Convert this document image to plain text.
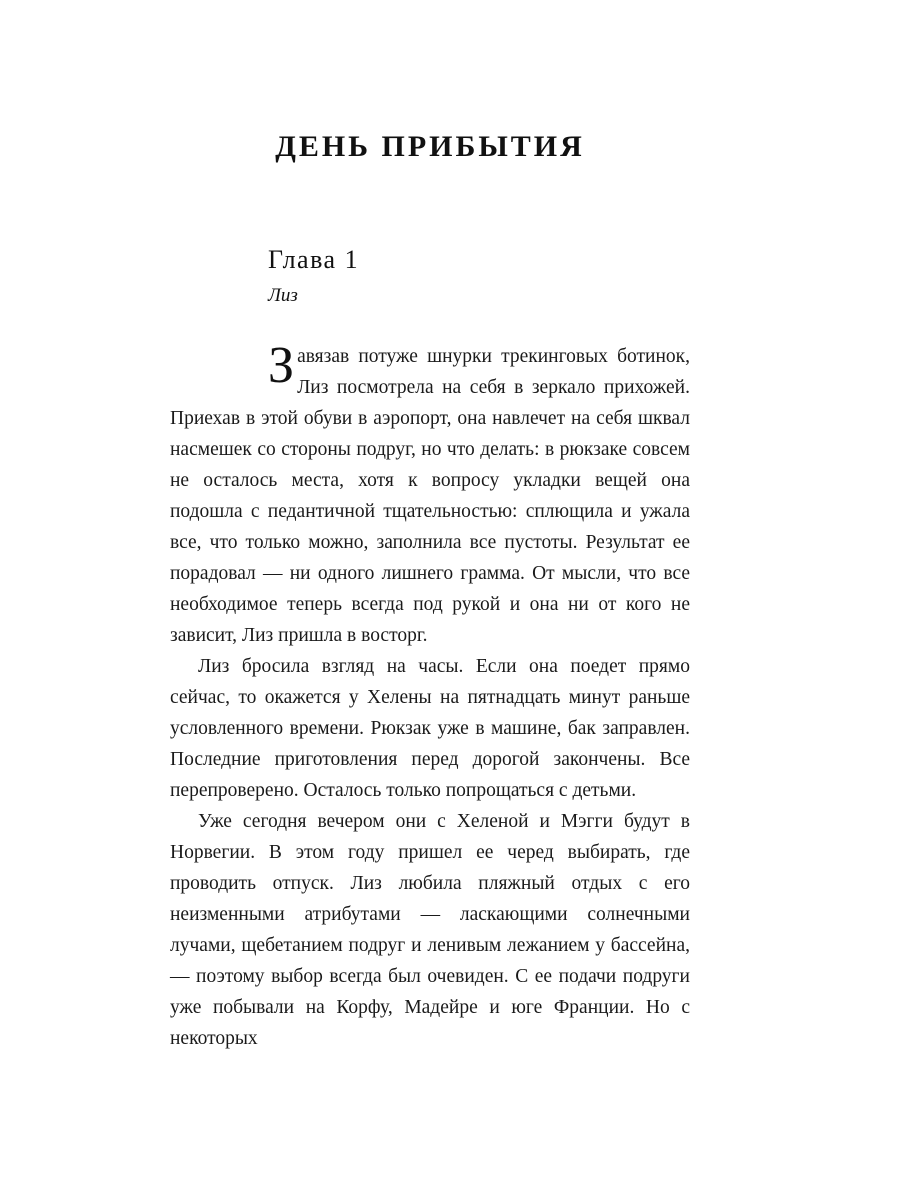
ДЕНЬ ПРИБЫТИЯ
Глава 1
Лиз
З авязав потуже шнурки трекинговых ботинок, Лиз посмотрела на себя в зеркало прихожей. Приехав в этой обуви в аэропорт, она навлечет на себя шквал насмешек со стороны подруг, но что делать: в рюкзаке совсем не осталось места, хотя к вопросу укладки вещей она подошла с педантичной тщательностью: сплющила и ужала все, что только можно, заполнила все пустоты. Результат ее порадовал — ни одного лишнего грамма. От мысли, что все необходимое теперь всегда под рукой и она ни от кого не зависит, Лиз пришла в восторг.

Лиз бросила взгляд на часы. Если она поедет прямо сейчас, то окажется у Хелены на пятнадцать минут раньше условленного времени. Рюкзак уже в машине, бак заправлен. Последние приготовления перед дорогой закончены. Все перепроверено. Осталось только попрощаться с детьми.

Уже сегодня вечером они с Хеленой и Мэгги будут в Норвегии. В этом году пришел ее черед выбирать, где проводить отпуск. Лиз любила пляжный отдых с его неизменными атрибутами — ласкающими солнечными лучами, щебетанием подруг и ленивым лежанием у бассейна, — поэтому выбор всегда был очевиден. С ее подачи подруги уже побывали на Корфу, Мадейре и юге Франции. Но с некоторых
